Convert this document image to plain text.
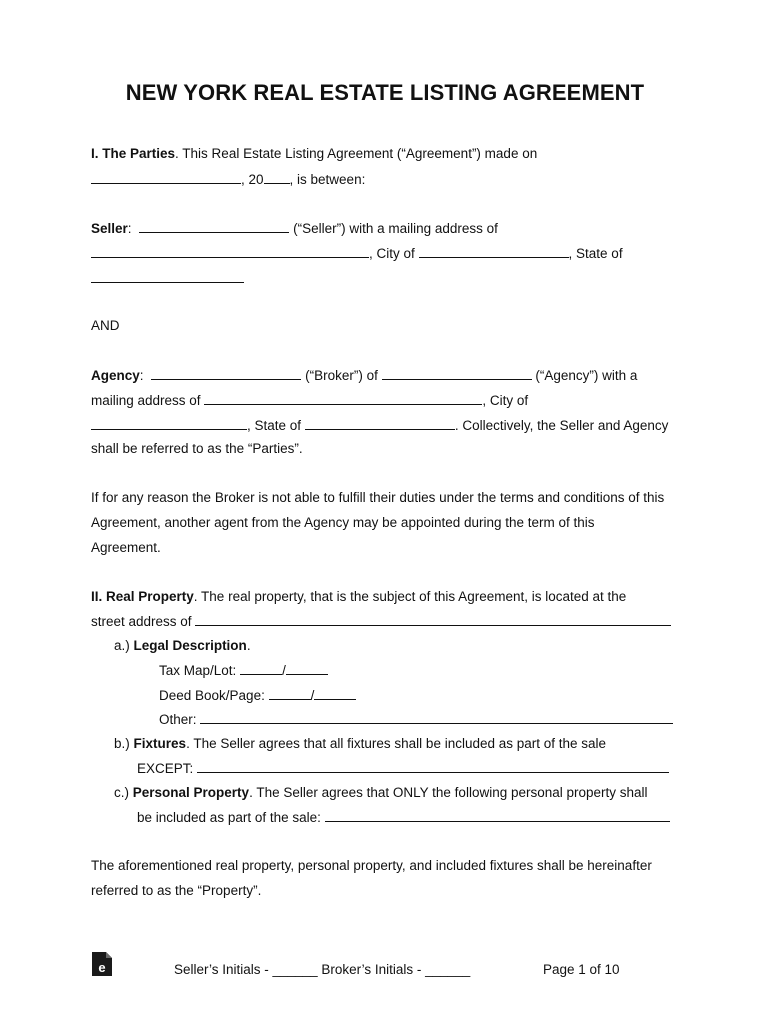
NEW YORK REAL ESTATE LISTING AGREEMENT
I. The Parties. This Real Estate Listing Agreement (“Agreement”) made on
, 20 , is between:
Seller:	(“Seller”) with a mailing address of
, City of	, State of
AND
Agency:	(“Broker”) of	(“Agency”) with a
mailing address of	, City of
, State of	. Collectively, the Seller and Agency
shall be referred to as the “Parties”.
If for any reason the Broker is not able to fulfill their duties under the terms and conditions of this
Agreement, another agent from the Agency may be appointed during the term of this
Agreement.
II. Real Property. The real property, that is the subject of this Agreement, is located at the
street address of
a.) Legal Description.
Tax Map/Lot:	/
Deed Book/Page:	/
Other:
b.) Fixtures. The Seller agrees that all fixtures shall be included as part of the sale
EXCEPT:
c.) Personal Property. The Seller agrees that ONLY the following personal property shall
be included as part of the sale:
The aforementioned real property, personal property, and included fixtures shall be hereinafter
referred to as the “Property”.
e	Seller’s Initials - ______ Broker’s Initials - ______	Page 1 of 10
